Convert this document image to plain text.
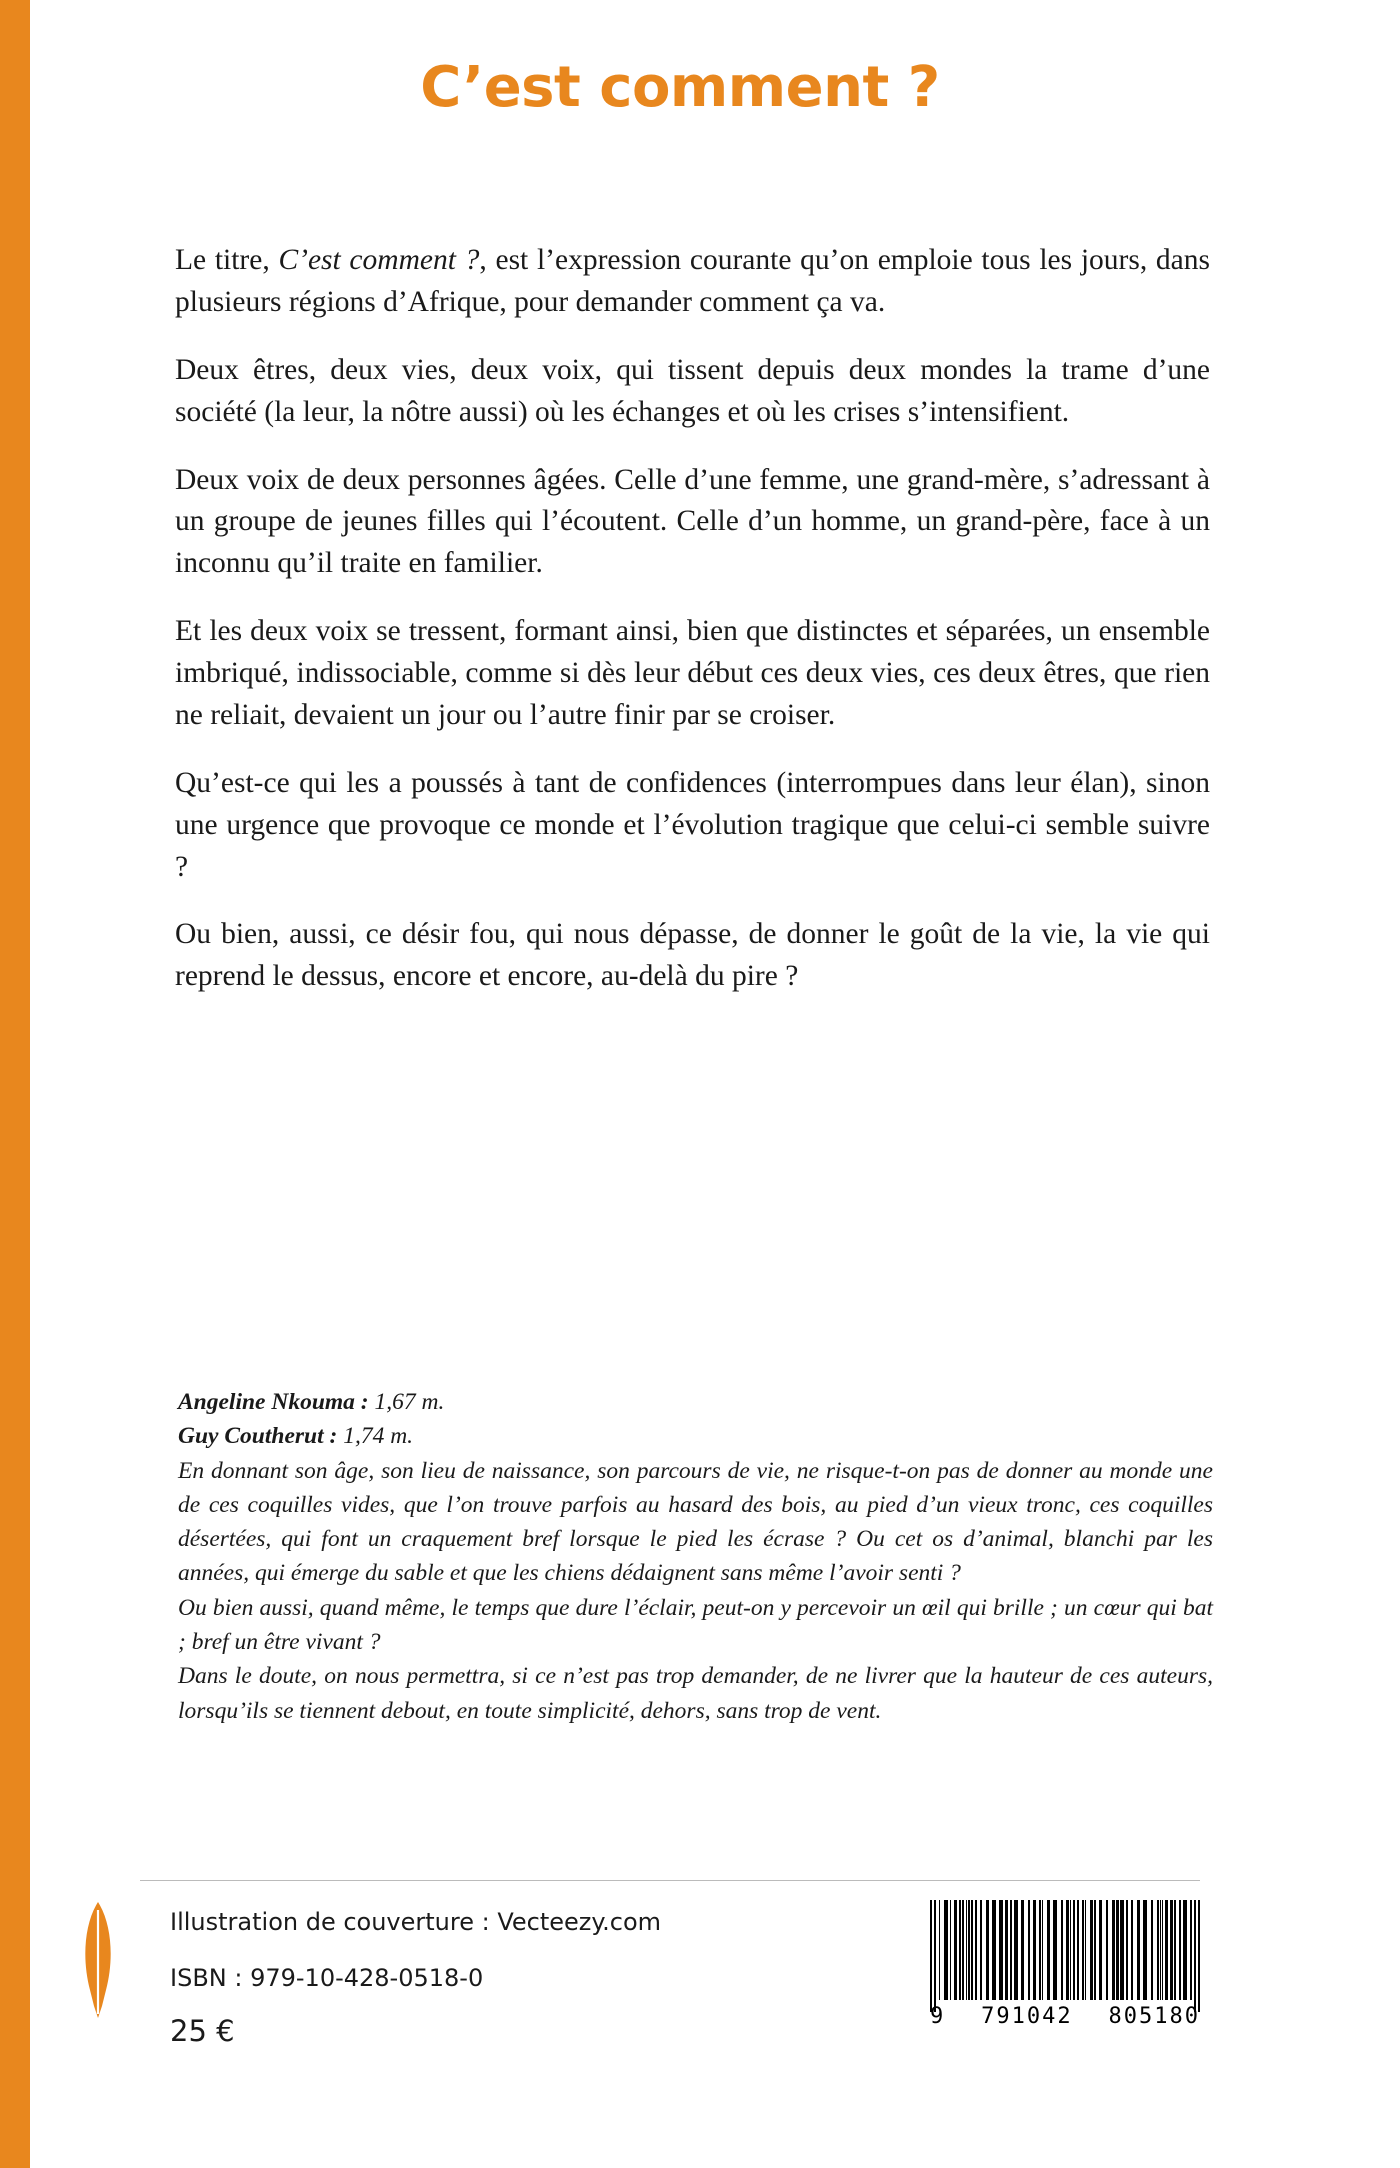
C’est comment ?

Le titre, C’est comment ?, est l’expression courante qu’on emploie tous les jours, dans plusieurs régions d’Afrique, pour demander comment ça va.

Deux êtres, deux vies, deux voix, qui tissent depuis deux mondes la trame d’une société (la leur, la nôtre aussi) où les échanges et où les crises s’intensifient.

Deux voix de deux personnes âgées. Celle d’une femme, une grand-mère, s’adressant à un groupe de jeunes filles qui l’écoutent. Celle d’un homme, un grand-père, face à un inconnu qu’il traite en familier.

Et les deux voix se tressent, formant ainsi, bien que distinctes et séparées, un ensemble imbriqué, indissociable, comme si dès leur début ces deux vies, ces deux êtres, que rien ne reliait, devaient un jour ou l’autre finir par se croiser.

Qu’est-ce qui les a poussés à tant de confidences (interrompues dans leur élan), sinon une urgence que provoque ce monde et l’évolution tragique que celui-ci semble suivre ?

Ou bien, aussi, ce désir fou, qui nous dépasse, de donner le goût de la vie, la vie qui reprend le dessus, encore et encore, au-delà du pire ?

Angeline Nkouma : 1,67 m.

Guy Coutherut : 1,74 m.

En donnant son âge, son lieu de naissance, son parcours de vie, ne risque-t-on pas de donner au monde une de ces coquilles vides, que l’on trouve parfois au hasard des bois, au pied d’un vieux tronc, ces coquilles désertées, qui font un craquement bref lorsque le pied les écrase ? Ou cet os d’animal, blanchi par les années, qui émerge du sable et que les chiens dédaignent sans même l’avoir senti ?

Ou bien aussi, quand même, le temps que dure l’éclair, peut-on y percevoir un œil qui brille ; un cœur qui bat ; bref un être vivant ?

Dans le doute, on nous permettra, si ce n’est pas trop demander, de ne livrer que la hauteur de ces auteurs, lorsqu’ils se tiennent debout, en toute simplicité, dehors, sans trop de vent.

Illustration de couverture : Vecteezy.com
ISBN : 979-10-428-0518-0
25 €	9 791042 805180
